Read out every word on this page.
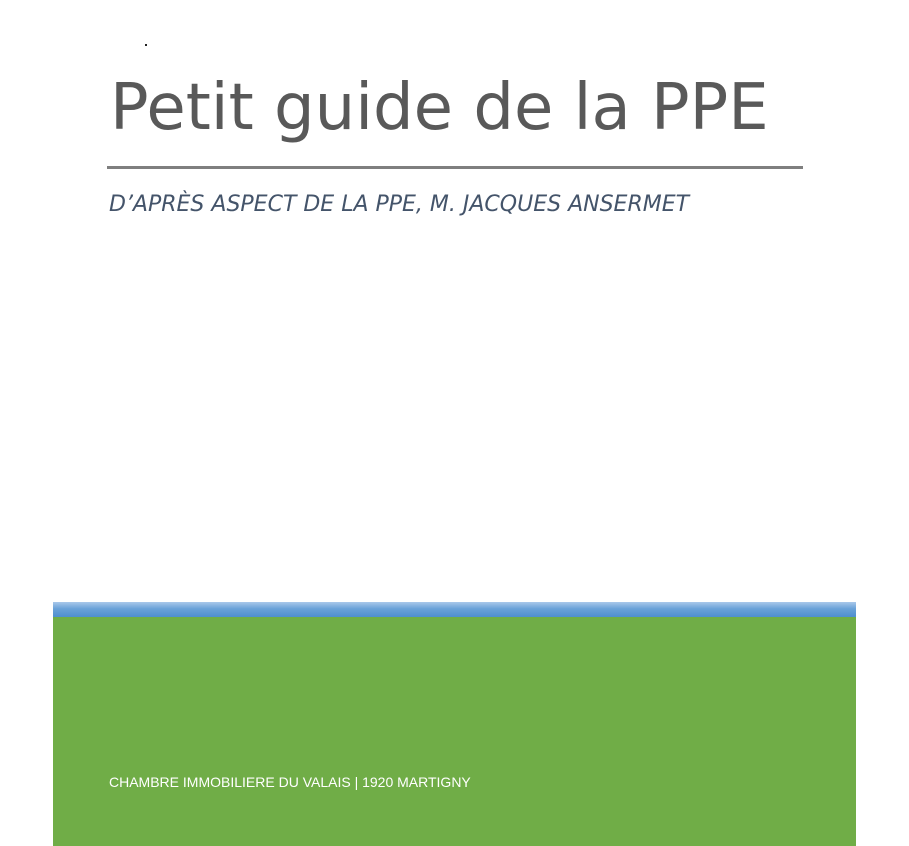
Petit guide de la PPE
D’APRÈS ASPECT DE LA PPE, M. JACQUES ANSERMET
CHAMBRE IMMOBILIERE DU VALAIS | 1920 MARTIGNY
